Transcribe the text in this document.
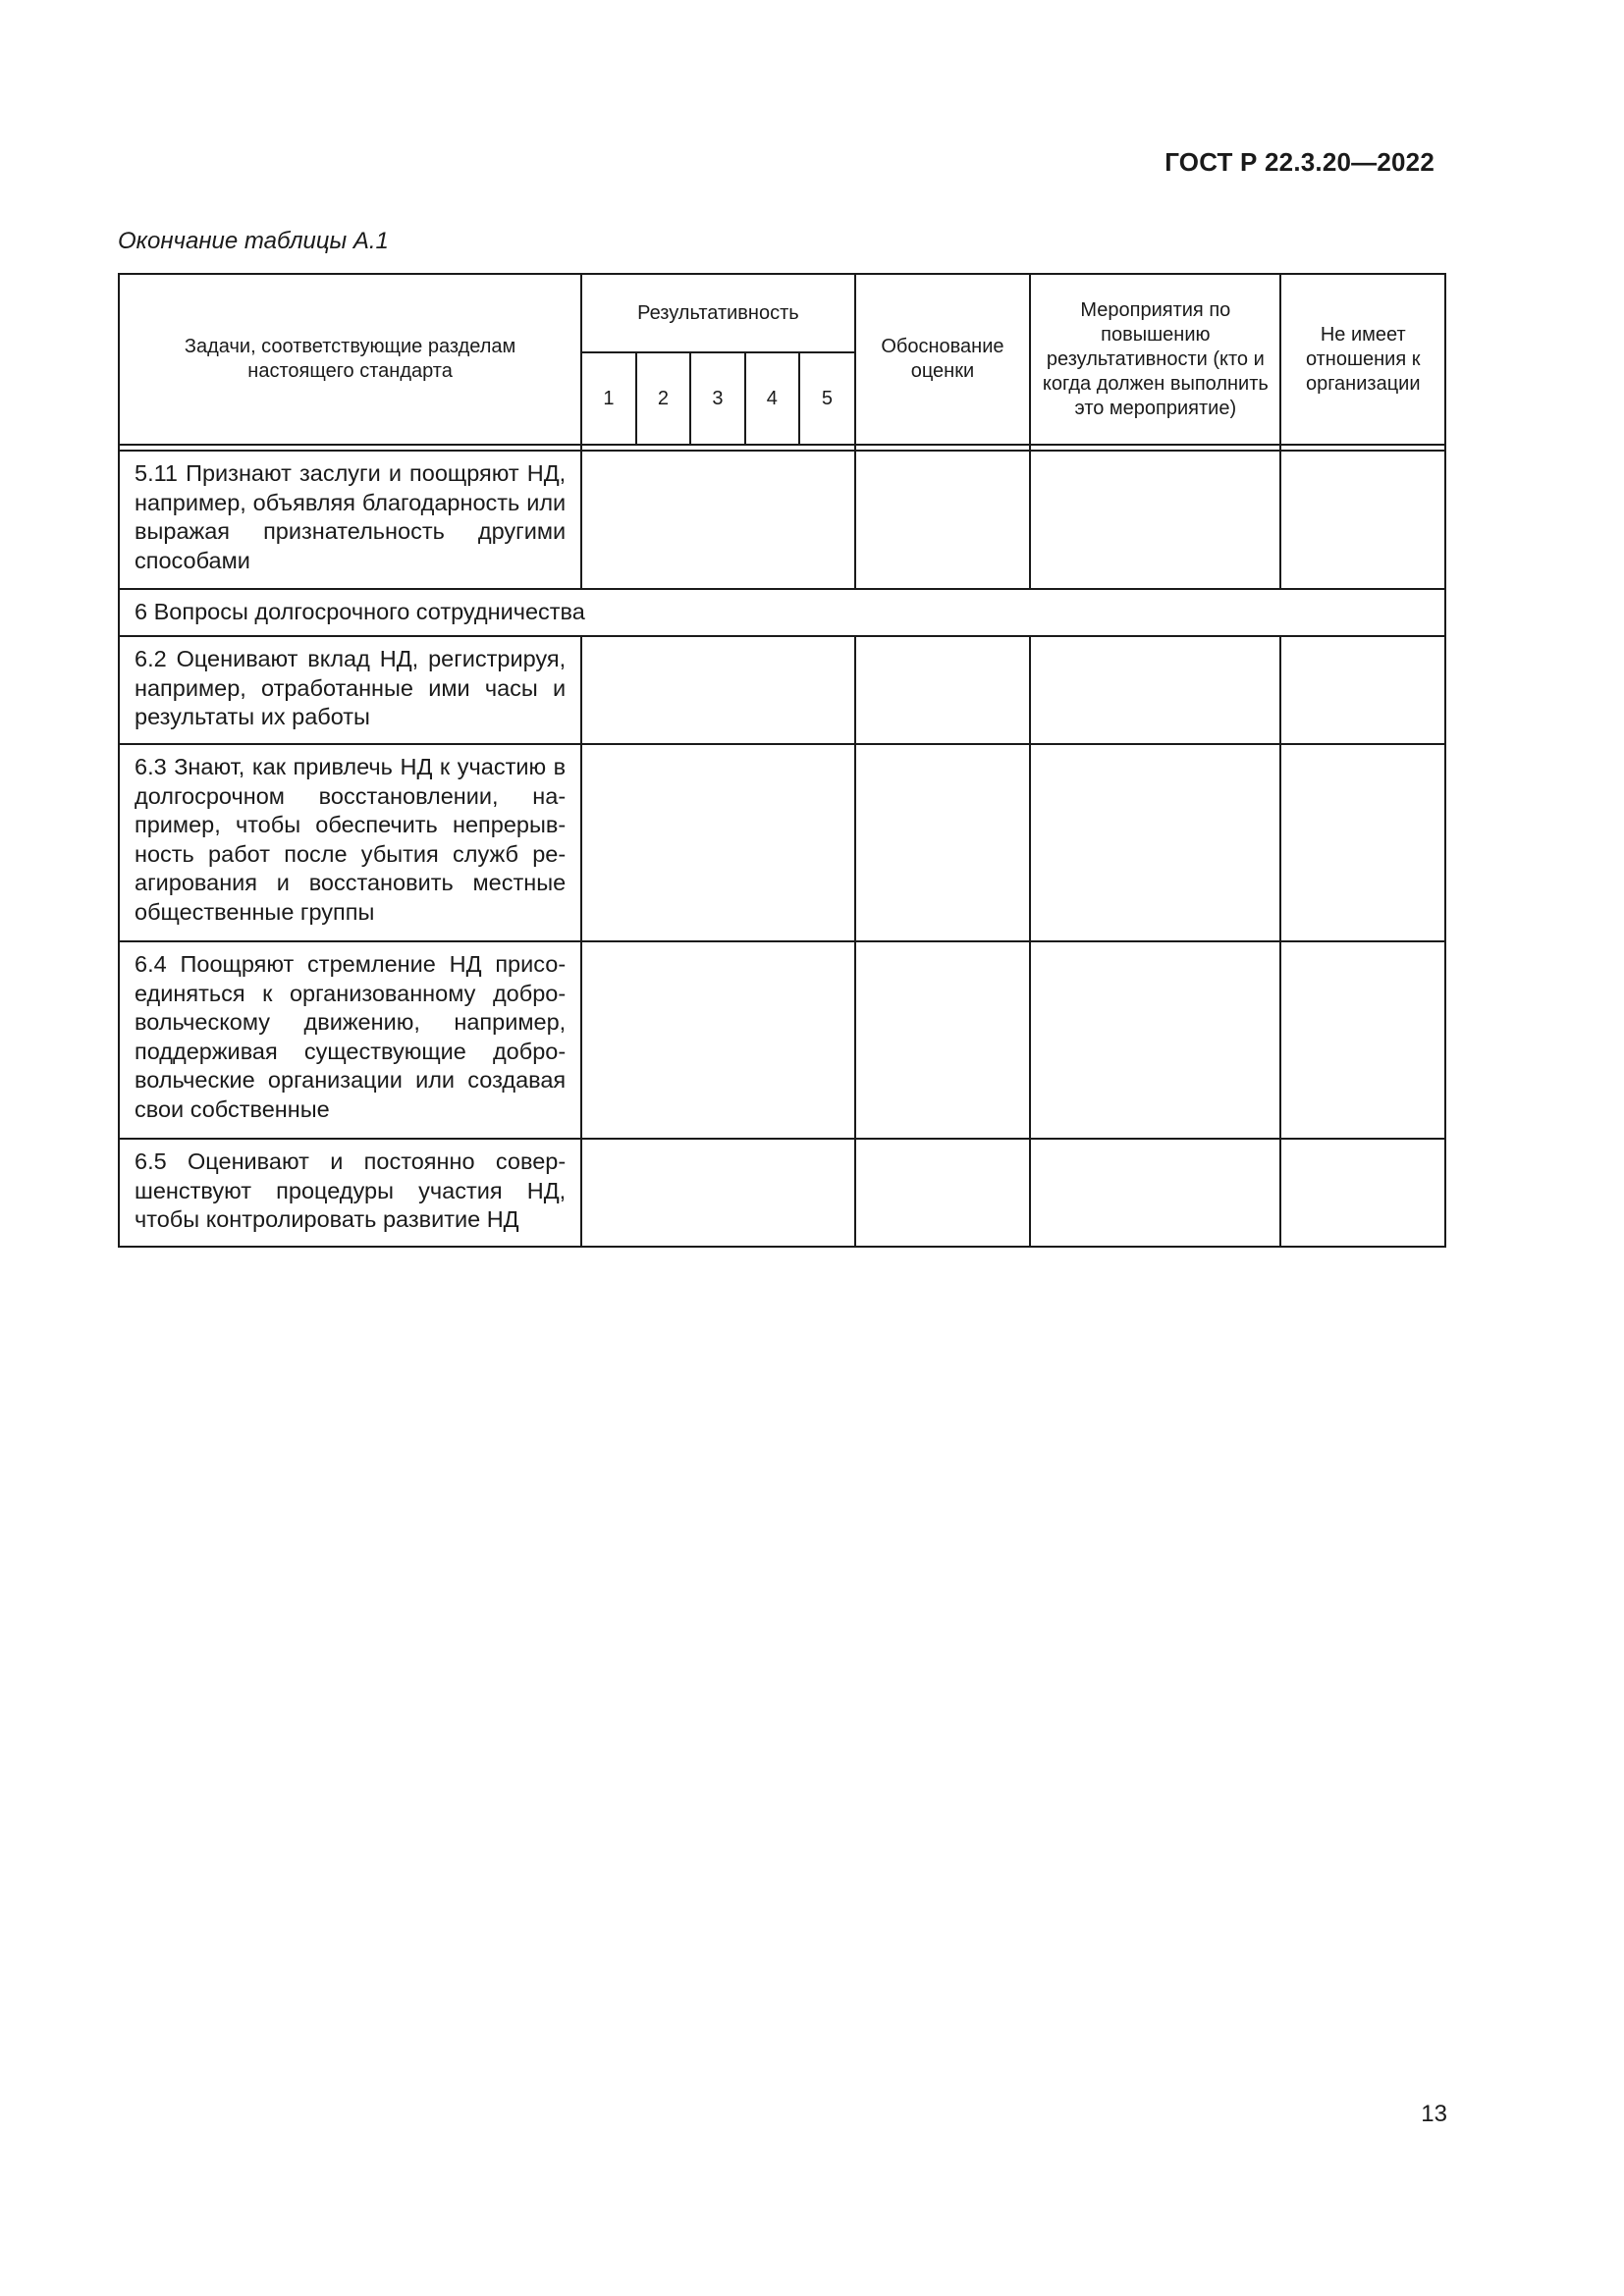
ГОСТ Р 22.3.20—2022
Окончание таблицы А.1
Задачи, соответствующие разделам настоящего стандарта	Результативность					Обоснование оценки	Мероприятия по повышению результативности (кто и когда должен выполнить это мероприятие)	Не имеет отношения к организации

	1	2	3	4	5			

5.11 Признают заслуги и поощряют НД, например, объявляя благодарность или выражая признательность другими способами								
6 Вопросы долгосрочного сотрудничества								
6.2 Оценивают вклад НД, регистрируя, например, отработанные ими часы и результаты их работы								
6.3 Знают, как привлечь НД к участию в долгосрочном восстановлении, например, чтобы обеспечить непрерывность работ после убытия служб реагирования и восстановить местные общественные группы								
6.4 Поощряют стремление НД присоединяться к организованному добровольческому движению, например, поддерживая существующие добровольческие организации или создавая свои собственные								
6.5 Оценивают и постоянно совершенствуют процедуры участия НД, чтобы контролировать развитие НД								
13
